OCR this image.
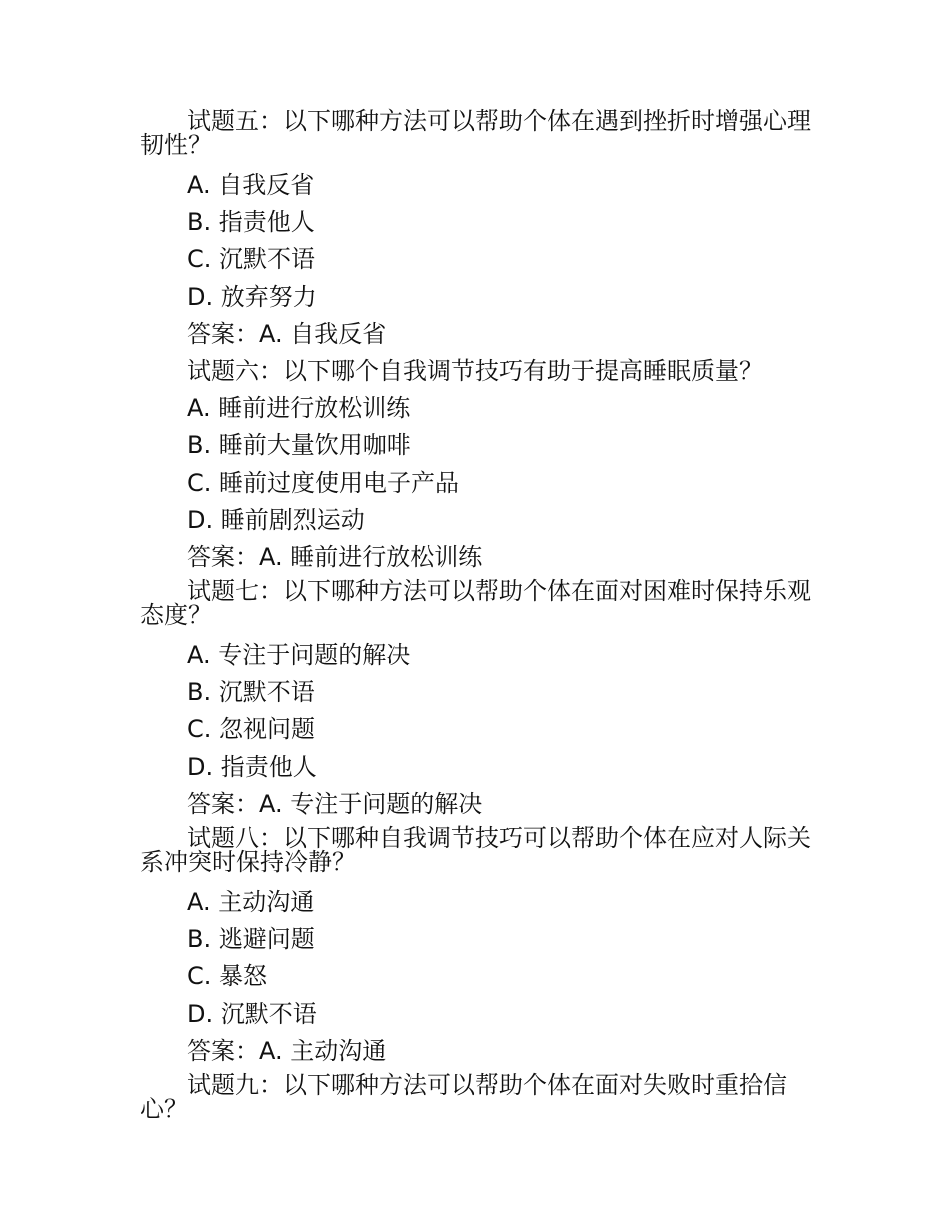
试题五：以下哪种方法可以帮助个体在遇到挫折时增强心理韧性？
A. 自我反省
B. 指责他人
C. 沉默不语
D. 放弃努力
答案：A. 自我反省
试题六：以下哪个自我调节技巧有助于提高睡眠质量？
A. 睡前进行放松训练
B. 睡前大量饮用咖啡
C. 睡前过度使用电子产品
D. 睡前剧烈运动
答案：A. 睡前进行放松训练
试题七：以下哪种方法可以帮助个体在面对困难时保持乐观态度？
A. 专注于问题的解决
B. 沉默不语
C. 忽视问题
D. 指责他人
答案：A. 专注于问题的解决
试题八：以下哪种自我调节技巧可以帮助个体在应对人际关系冲突时保持冷静？
A. 主动沟通
B. 逃避问题
C. 暴怒
D. 沉默不语
答案：A. 主动沟通
试题九：以下哪种方法可以帮助个体在面对失败时重拾信心？
